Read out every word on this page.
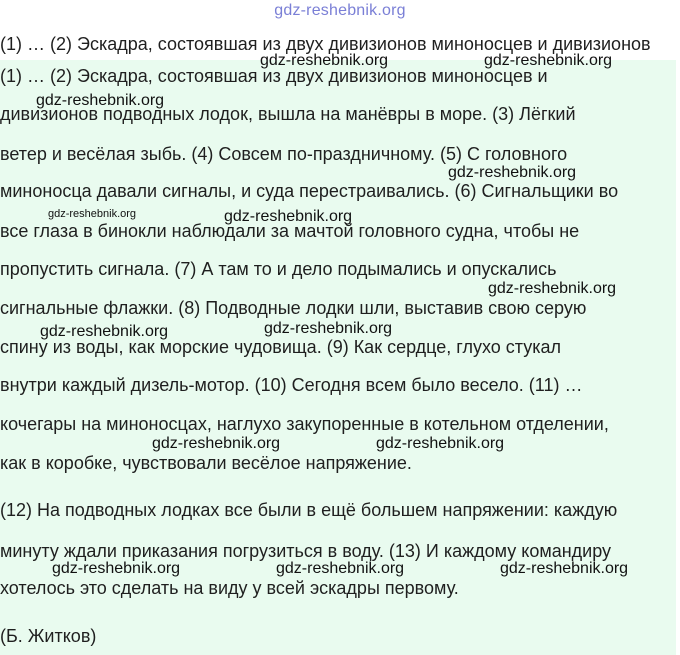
gdz-reshebnik.org
(1) … (2) Эскадра, состоявшая из двух дивизионов миноносцев и дивизионов
(1) … (2) Эскадра, состоявшая из двух дивизионов миноносцев и
дивизионов подводных лодок, вышла на манёвры в море. (3) Лёгкий
ветер и весёлая зыбь. (4) Совсем по-праздничному. (5) С головного
миноносца давали сигналы, и суда перестраивались. (6) Сигнальщики во
все глаза в бинокли наблюдали за мачтой головного судна, чтобы не
пропустить сигнала. (7) А там то и дело подымались и опускались
сигнальные флажки. (8) Подводные лодки шли, выставив свою серую
спину из воды, как морские чудовища. (9) Как сердце, глухо стукал
внутри каждый дизель-мотор. (10) Сегодня всем было весело. (11) …
кочегары на миноносцах, наглухо закупоренные в котельном отделении,
как в коробке, чувствовали весёлое напряжение.
(12) На подводных лодках все были в ещё большем напряжении: каждую
минуту ждали приказания погрузиться в воду. (13) И каждому командиру
хотелось это сделать на виду у всей эскадры первому.
(Б. Житков)
gdz-reshebnik.org	gdz-reshebnik.org
gdz-reshebnik.org
gdz-reshebnik.org
gdz-reshebnik.org	gdz-reshebnik.org
gdz-reshebnik.org
gdz-reshebnik.org	gdz-reshebnik.org
gdz-reshebnik.org	gdz-reshebnik.org
gdz-reshebnik.org	gdz-reshebnik.org	gdz-reshebnik.org
